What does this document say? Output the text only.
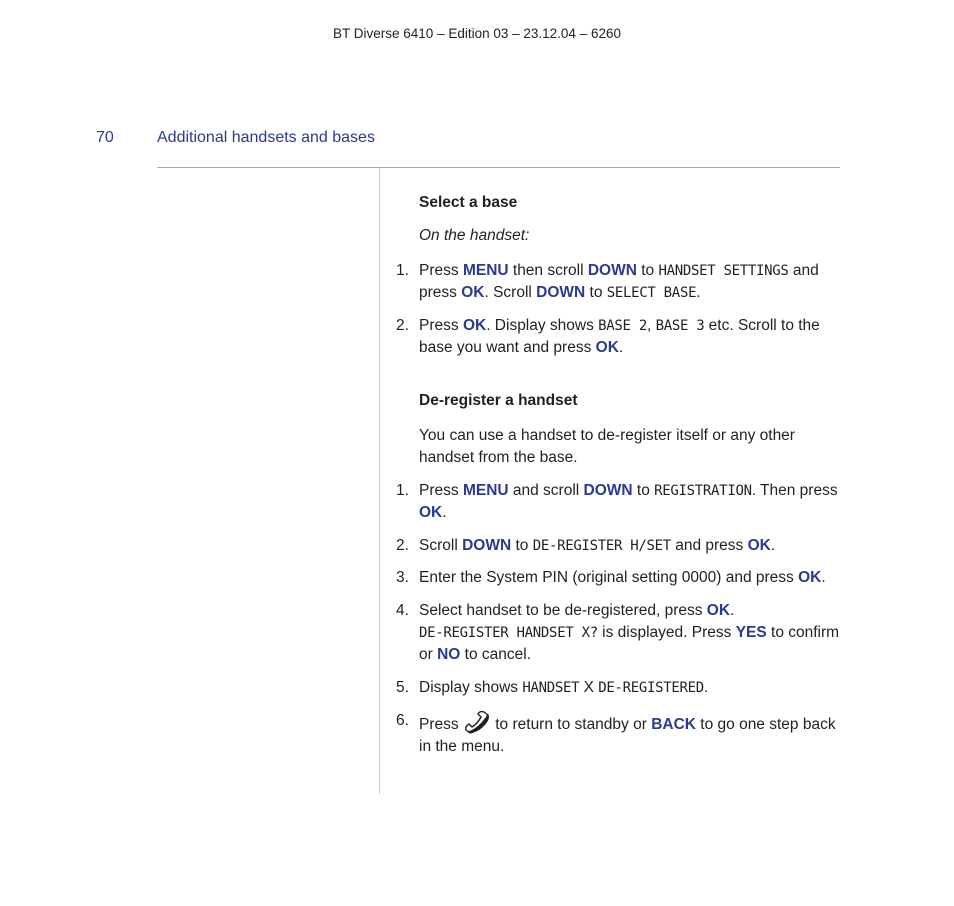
BT Diverse 6410 – Edition 03 – 23.12.04 – 6260
70	Additional handsets and bases
Select a base
On the handset:
1. Press MENU then scroll DOWN to HANDSET SETTINGS and press OK. Scroll DOWN to SELECT BASE.
2. Press OK. Display shows BASE 2, BASE 3 etc. Scroll to the base you want and press OK.
De-register a handset
You can use a handset to de-register itself or any other handset from the base.
1. Press MENU and scroll DOWN to REGISTRATION. Then press OK.
2. Scroll DOWN to DE-REGISTER H/SET and press OK.
3. Enter the System PIN (original setting 0000) and press OK.
4. Select handset to be de-registered, press OK.
DE-REGISTER HANDSET X? is displayed. Press YES to confirm or NO to cancel.
5. Display shows HANDSET X DE-REGISTERED.
6. Press  to return to standby or BACK to go one step back in the menu.
